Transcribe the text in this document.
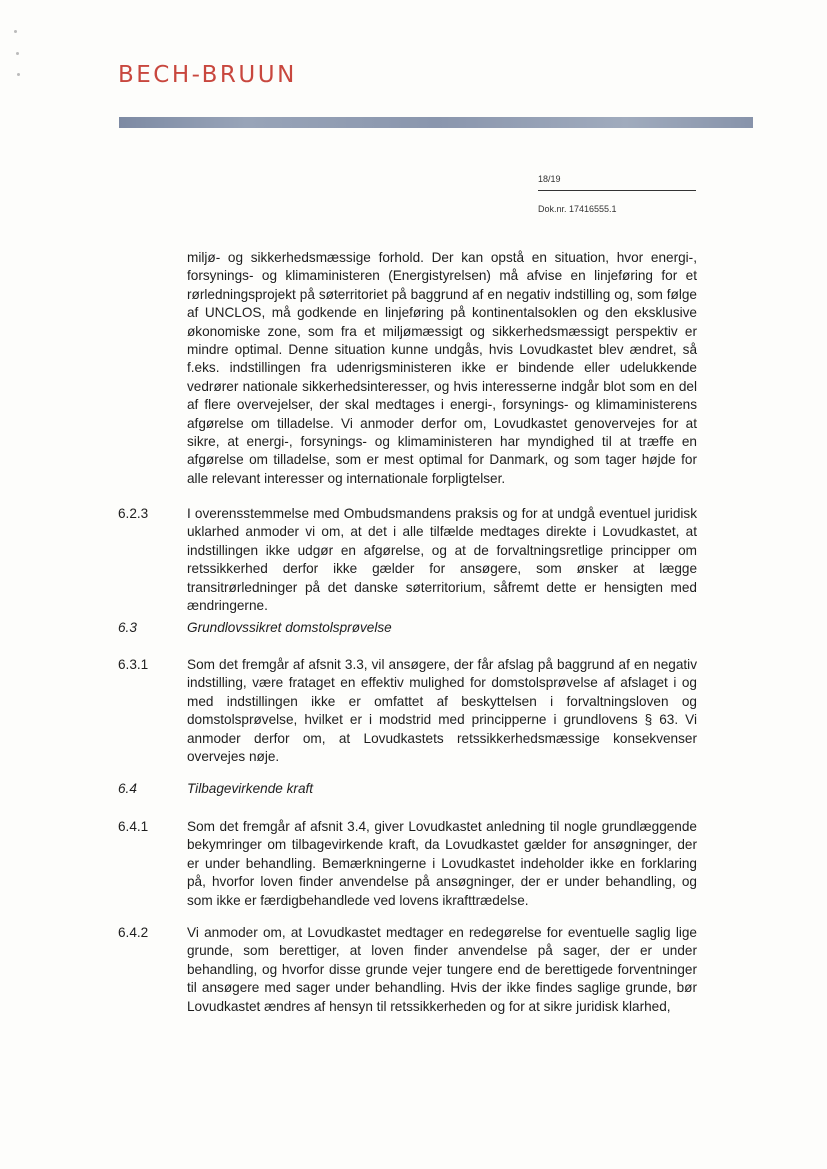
BECH-BRUUN
18/19
Dok.nr. 17416555.1
miljø- og sikkerhedsmæssige forhold. Der kan opstå en situation, hvor energi-, forsynings- og klimaministeren (Energistyrelsen) må afvise en linjeføring for et rørledningsprojekt på søterritoriet på baggrund af en negativ indstilling og, som følge af UNCLOS, må godkende en linjeføring på kontinentalsoklen og den eksklusive økonomiske zone, som fra et miljømæssigt og sikkerhedsmæssigt perspektiv er mindre optimal. Denne situation kunne undgås, hvis Lovudkastet blev ændret, så f.eks. indstillingen fra udenrigsministeren ikke er bindende eller udelukkende vedrører nationale sikkerhedsinteresser, og hvis interesserne indgår blot som en del af flere overvejelser, der skal medtages i energi-, forsynings- og klimaministerens afgørelse om tilladelse. Vi anmoder derfor om, Lovudkastet genovervejes for at sikre, at energi-, forsynings- og klimaministeren har myndighed til at træffe en afgørelse om tilladelse, som er mest optimal for Danmark, og som tager højde for alle relevant interesser og internationale forpligtelser.
6.2.3	I overensstemmelse med Ombudsmandens praksis og for at undgå eventuel juridisk uklarhed anmoder vi om, at det i alle tilfælde medtages direkte i Lovudkastet, at indstillingen ikke udgør en afgørelse, og at de forvaltningsretlige principper om retssikkerhed derfor ikke gælder for ansøgere, som ønsker at lægge transitrørledninger på det danske søterritorium, såfremt dette er hensigten med ændringerne.
6.3	Grundlovssikret domstolsprøvelse
6.3.1	Som det fremgår af afsnit 3.3, vil ansøgere, der får afslag på baggrund af en negativ indstilling, være frataget en effektiv mulighed for domstolsprøvelse af afslaget i og med indstillingen ikke er omfattet af beskyttelsen i forvaltningsloven og domstolsprøvelse, hvilket er i modstrid med principperne i grundlovens § 63. Vi anmoder derfor om, at Lovudkastets retssikkerhedsmæssige konsekvenser overvejes nøje.
6.4	Tilbagevirkende kraft
6.4.1	Som det fremgår af afsnit 3.4, giver Lovudkastet anledning til nogle grundlæggende bekymringer om tilbagevirkende kraft, da Lovudkastet gælder for ansøgninger, der er under behandling. Bemærkningerne i Lovudkastet indeholder ikke en forklaring på, hvorfor loven finder anvendelse på ansøgninger, der er under behandling, og som ikke er færdigbehandlede ved lovens ikrafttrædelse.
6.4.2	Vi anmoder om, at Lovudkastet medtager en redegørelse for eventuelle saglig lige grunde, som berettiger, at loven finder anvendelse på sager, der er under behandling, og hvorfor disse grunde vejer tungere end de berettigede forventninger til ansøgere med sager under behandling. Hvis der ikke findes saglige grunde, bør Lovudkastet ændres af hensyn til retssikkerheden og for at sikre juridisk klarhed,
